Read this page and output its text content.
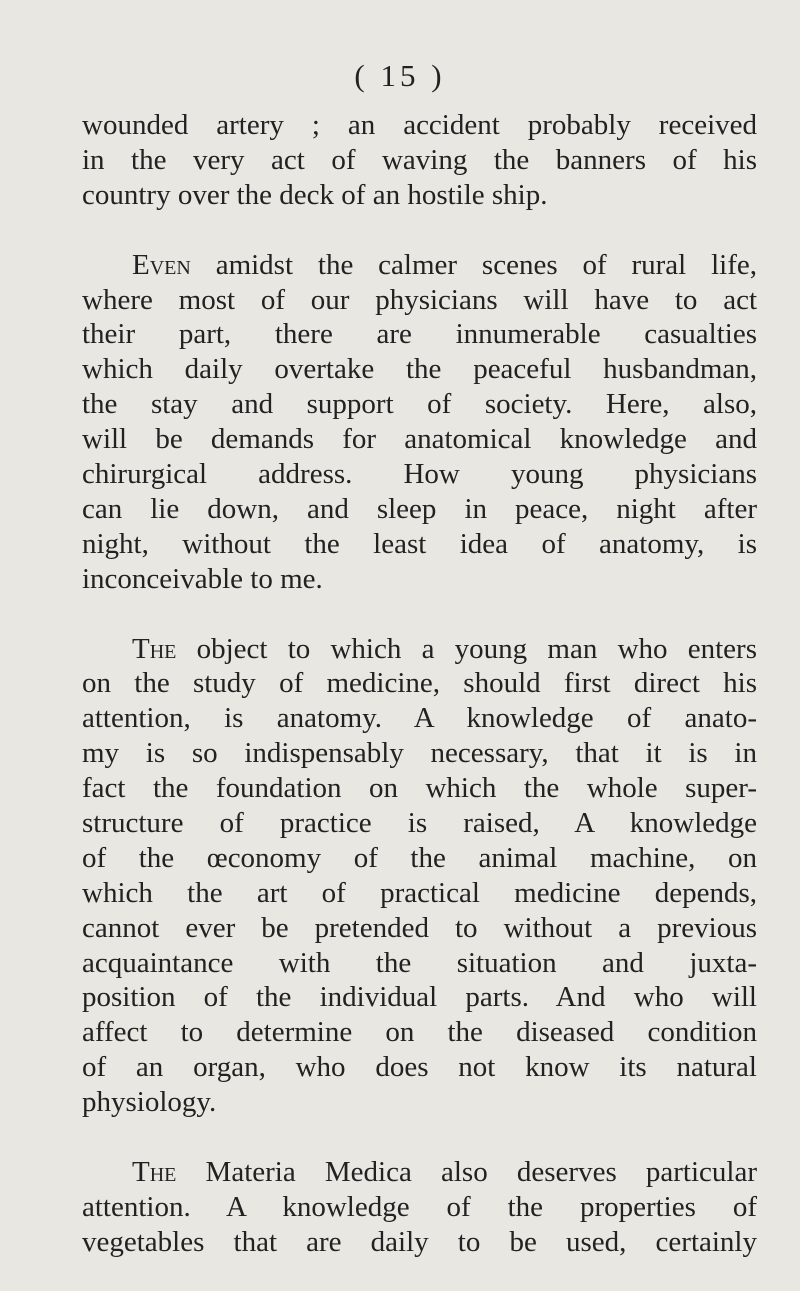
( 15 )
wounded artery ; an accident probably received
in the very act of waving the banners of his
country over the deck of an hostile ship.
Even amidst the calmer scenes of rural life,
where most of our physicians will have to act
their part, there are innumerable casualties
which daily overtake the peaceful husbandman,
the stay and support of society. Here, also,
will be demands for anatomical knowledge and
chirurgical address. How young physicians
can lie down, and sleep in peace, night after
night, without the least idea of anatomy, is
inconceivable to me.
The object to which a young man who enters
on the study of medicine, should first direct his
attention, is anatomy. A knowledge of anato-
my is so indispensably necessary, that it is in
fact the foundation on which the whole super-
structure of practice is raised, A knowledge
of the œconomy of the animal machine, on
which the art of practical medicine depends,
cannot ever be pretended to without a previous
acquaintance with the situation and juxta-
position of the individual parts. And who will
affect to determine on the diseased condition
of an organ, who does not know its natural
physiology.
The Materia Medica also deserves particular
attention. A knowledge of the properties of
vegetables that are daily to be used, certainly
